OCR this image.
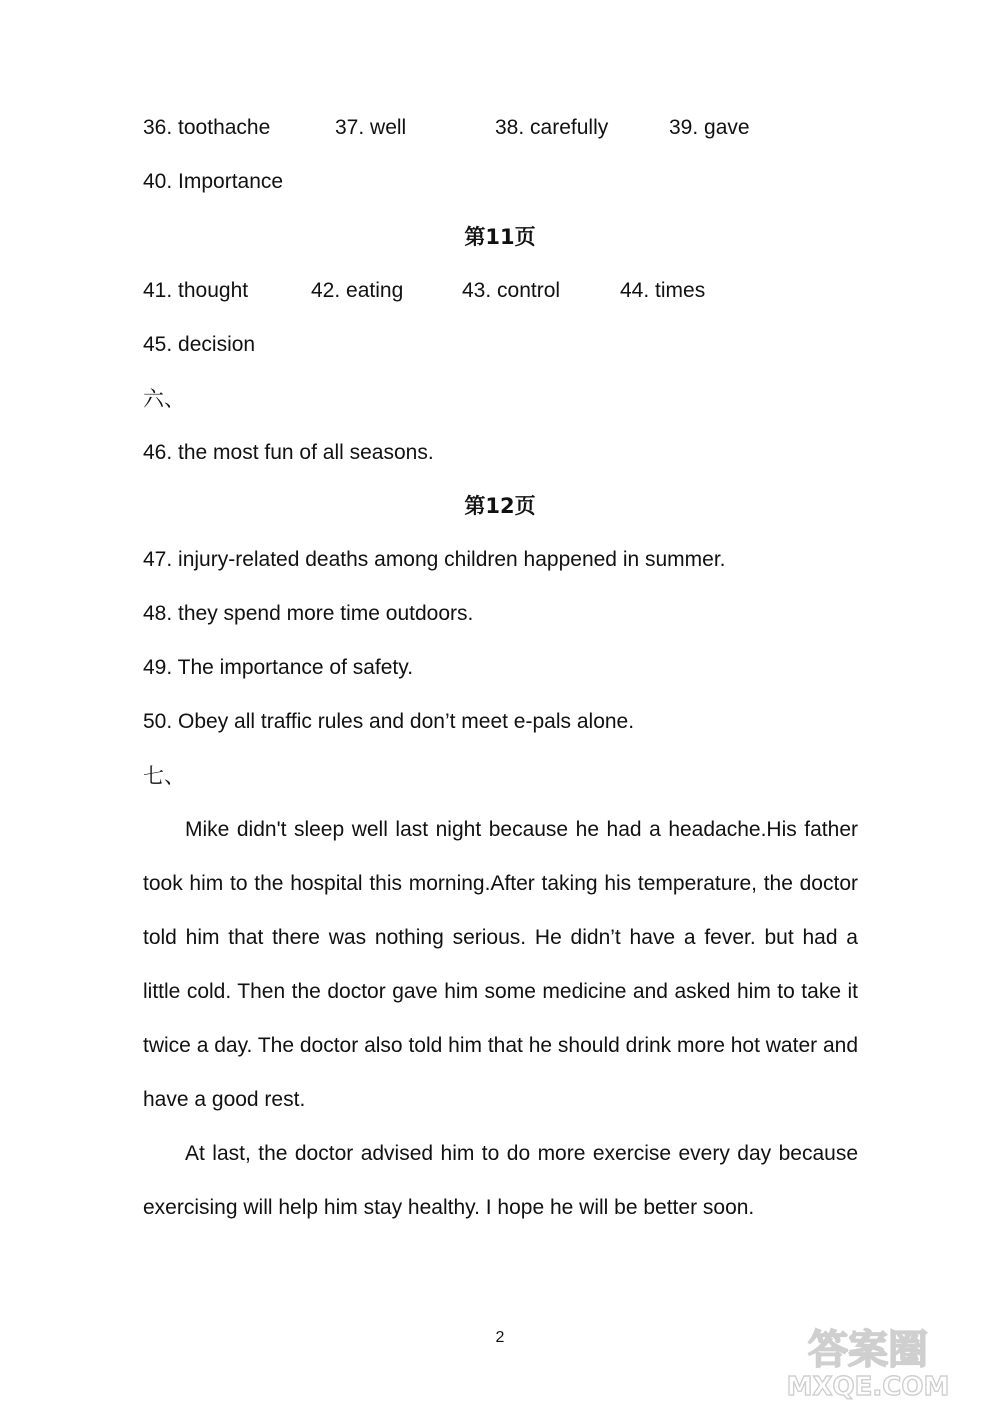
36. toothache	37. well	38. carefully	39. gave
40. Importance
第11页
41. thought	42. eating	43. control	44. times
45. decision
六、
46. the most fun of all seasons.
第12页
47. injury-related deaths among children happened in summer.
48. they spend more time outdoors.
49. The importance of safety.
50. Obey all traffic rules and don’t meet e-pals alone.
七、
Mike didn't sleep well last night because he had a headache.His father took him to the hospital this morning.After taking his temperature, the doctor told him that there was nothing serious. He didn’t have a fever. but had a little cold. Then the doctor gave him some medicine and asked him to take it twice a day. The doctor also told him that he should drink more hot water and have a good rest.
At last, the doctor advised him to do more exercise every day because exercising will help him stay healthy. I hope he will be better soon.
2	答案圈
MXQE.COM
